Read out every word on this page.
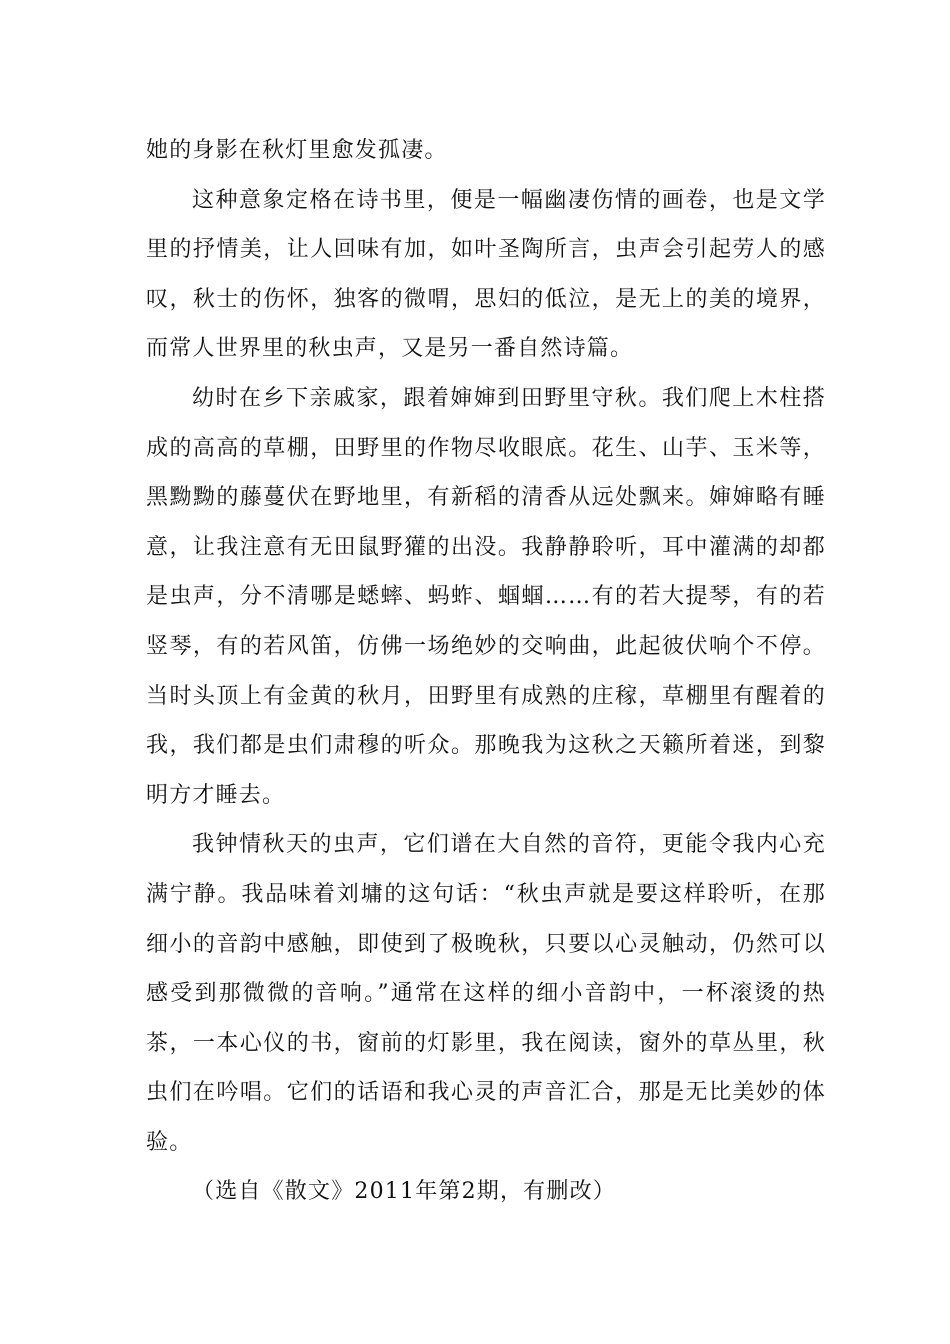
她的身影在秋灯里愈发孤凄。

这种意象定格在诗书里，便是一幅幽凄伤情的画卷，也是文学里的抒情美，让人回味有加，如叶圣陶所言，虫声会引起劳人的感叹，秋士的伤怀，独客的微喟，思妇的低泣，是无上的美的境界，而常人世界里的秋虫声，又是另一番自然诗篇。

幼时在乡下亲戚家，跟着婶婶到田野里守秋。我们爬上木柱搭成的高高的草棚，田野里的作物尽收眼底。花生、山芋、玉米等，黑黝黝的藤蔓伏在野地里，有新稻的清香从远处飘来。婶婶略有睡意，让我注意有无田鼠野獾的出没。我静静聆听，耳中灌满的却都是虫声，分不清哪是蟋蟀、蚂蚱、蝈蝈……有的若大提琴，有的若竖琴，有的若风笛，仿佛一场绝妙的交响曲，此起彼伏响个不停。当时头顶上有金黄的秋月，田野里有成熟的庄稼，草棚里有醒着的我，我们都是虫们肃穆的听众。那晚我为这秋之天籁所着迷，到黎明方才睡去。

我钟情秋天的虫声，它们谱在大自然的音符，更能令我内心充满宁静。我品味着刘墉的这句话：“秋虫声就是要这样聆听，在那细小的音韵中感触，即使到了极晚秋，只要以心灵触动，仍然可以感受到那微微的音响。”通常在这样的细小音韵中，一杯滚烫的热茶，一本心仪的书，窗前的灯影里，我在阅读，窗外的草丛里，秋虫们在吟唱。它们的话语和我心灵的声音汇合，那是无比美妙的体验。

（选自《散文》2011年第2期，有删改）
